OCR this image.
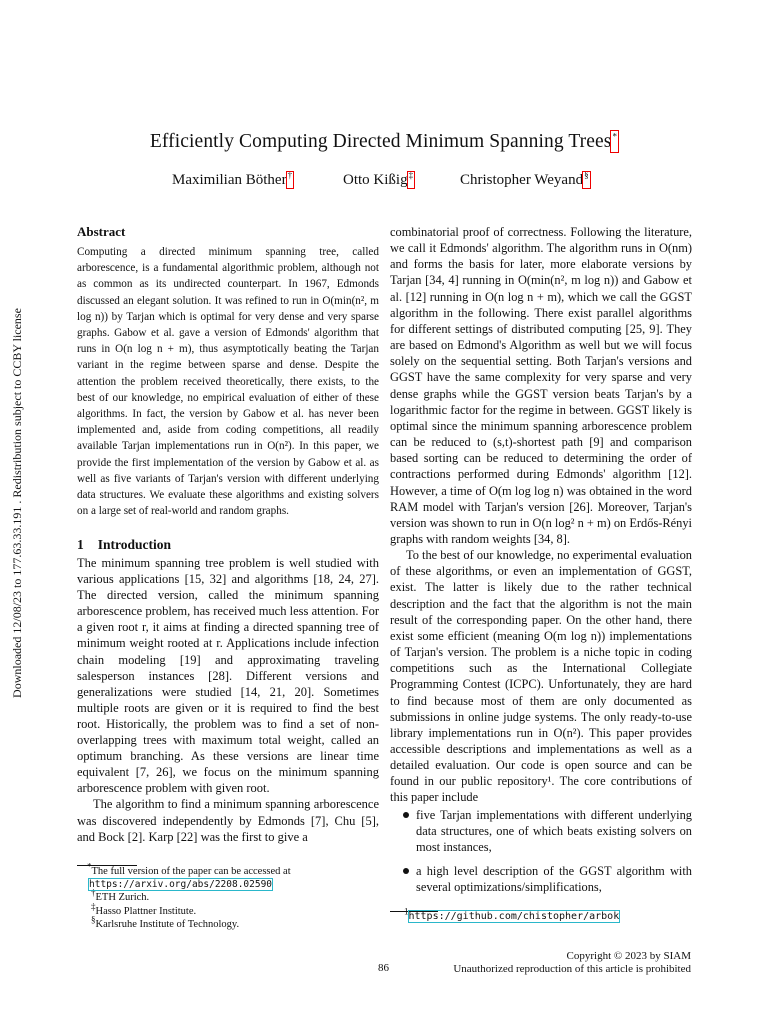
Downloaded 12/08/23 to 177.63.33.191 . Redistribution subject to CCBY license
Efficiently Computing Directed Minimum Spanning Trees*
Maximilian Böther†	Otto Kißig‡	Christopher Weyand§
Abstract

Computing a directed minimum spanning tree, called arborescence, is a fundamental algorithmic problem, although not as common as its undirected counterpart. In 1967, Edmonds discussed an elegant solution. It was refined to run in O(min(n², m log n)) by Tarjan which is optimal for very dense and very sparse graphs. Gabow et al. gave a version of Edmonds' algorithm that runs in O(n log n + m), thus asymptotically beating the Tarjan variant in the regime between sparse and dense. Despite the attention the problem received theoretically, there exists, to the best of our knowledge, no empirical evaluation of either of these algorithms. In fact, the version by Gabow et al. has never been implemented and, aside from coding competitions, all readily available Tarjan implementations run in O(n²). In this paper, we provide the first implementation of the version by Gabow et al. as well as five variants of Tarjan's version with different underlying data structures. We evaluate these algorithms and existing solvers on a large set of real-world and random graphs.

1 Introduction

The minimum spanning tree problem is well studied with various applications [15, 32] and algorithms [18, 24, 27]. The directed version, called the minimum spanning arborescence problem, has received much less attention. For a given root r, it aims at finding a directed spanning tree of minimum weight rooted at r. Applications include infection chain modeling [19] and approximating traveling salesperson instances [28]. Different versions and generalizations were studied [14, 21, 20]. Sometimes multiple roots are given or it is required to find the best root. Historically, the problem was to find a set of non-overlapping trees with maximum total weight, called an optimum branching. As these versions are linear time equivalent [7, 26], we focus on the minimum spanning arborescence problem with given root.

The algorithm to find a minimum spanning arborescence was discovered independently by Edmonds [7], Chu [5], and Bock [2]. Karp [22] was the first to give a

combinatorial proof of correctness. Following the literature, we call it Edmonds' algorithm. The algorithm runs in O(nm) and forms the basis for later, more elaborate versions by Tarjan [34, 4] running in O(min(n², m log n)) and Gabow et al. [12] running in O(n log n + m), which we call the GGST algorithm in the following. There exist parallel algorithms for different settings of distributed computing [25, 9]. They are based on Edmond's Algorithm as well but we will focus solely on the sequential setting. Both Tarjan's versions and GGST have the same complexity for very sparse and very dense graphs while the GGST version beats Tarjan's by a logarithmic factor for the regime in between. GGST likely is optimal since the minimum spanning arborescence problem can be reduced to (s,t)-shortest path [9] and comparison based sorting can be reduced to determining the order of contractions performed during Edmonds' algorithm [12]. However, a time of O(m log log n) was obtained in the word RAM model with Tarjan's version [26]. Moreover, Tarjan's version was shown to run in O(n log² n + m) on Erdős-Rényi graphs with random weights [34, 8].

To the best of our knowledge, no experimental evaluation of these algorithms, or even an implementation of GGST, exist. The latter is likely due to the rather technical description and the fact that the algorithm is not the main result of the corresponding paper. On the other hand, there exist some efficient (meaning O(m log n)) implementations of Tarjan's version. The problem is a niche topic in coding competitions such as the International Collegiate Programming Contest (ICPC). Unfortunately, they are hard to find because most of them are only documented as submissions in online judge systems. The only ready-to-use library implementations run in O(n²). This paper provides accessible descriptions and implementations as well as a detailed evaluation. Our code is open source and can be found in our public repository¹. The core contributions of this paper include

five Tarjan implementations with different underlying data structures, one of which beats existing solvers on most instances,
a high level description of the GGST algorithm with several optimizations/simplifications,
*The full version of the paper can be accessed at https://arxiv.org/abs/2208.02590
†ETH Zurich.
‡Hasso Plattner Institute.
§Karlsruhe Institute of Technology.
$^1$https://github.com/chistopher/arbok
86
Copyright © 2023 by SIAM
Unauthorized reproduction of this article is prohibited
